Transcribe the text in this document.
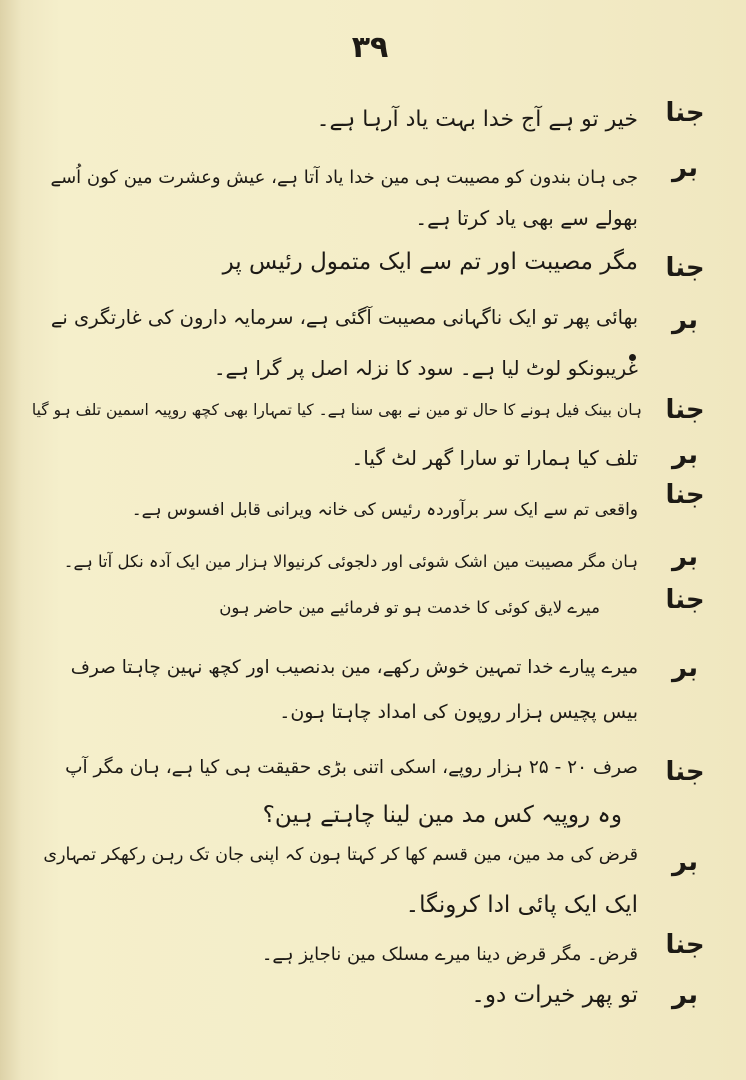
۳۹
جنا
خیر تو ہے آج خدا بہت یاد آرہا ہے۔
بر
جی ہان بندون کو مصیبت ہی مین خدا یاد آتا ہے، عیش وعشرت مین کون اُسے
بھولے سے بھی یاد کرتا ہے۔
جنا
مگر مصیبت اور تم سے ایک متمول رئیس پر
بر
بھائی پھر تو ایک ناگہانی مصیبت آگئی ہے، سرمایہ دارون کی غارتگری نے
غریبونکو لوٹ لیا ہے۔ سود کا نزلہ اصل پر گرا ہے۔
جنا
ہان بینک فیل ہونے کا حال تو مین نے بھی سنا ہے۔ کیا تمہارا بھی کچھ روپیہ اسمین تلف ہو گیا
بر
تلف کیا ہمارا تو سارا گھر لٹ گیا۔
جنا
واقعی تم سے ایک سر برآوردہ رئیس کی خانہ ویرانی قابل افسوس ہے۔
بر
ہان مگر مصیبت مین اشک شوئی اور دلجوئی کرنیوالا ہزار مین ایک آدہ نکل آتا ہے۔
جنا
میرے لایق کوئی کا خدمت ہو تو فرمائیے مین حاضر ہون
بر
میرے پیارے خدا تمہین خوش رکھے، مین بدنصیب اور کچھ نہین چاہتا صرف
بیس پچیس ہزار روپون کی امداد چاہتا ہون۔
جنا
صرف ۲۰ - ۲۵ ہزار روپے، اسکی اتنی بڑی حقیقت ہی کیا ہے، ہان مگر آپ
وہ روپیہ کس مد مین لینا چاہتے ہین؟
بر
قرض کی مد مین، مین قسم کھا کر کہتا ہون کہ اپنی جان تک رہن رکھکر تمہاری
ایک ایک پائی ادا کرونگا۔
جنا
قرض۔ مگر قرض دینا میرے مسلک مین ناجایز ہے۔
بر
تو پھر خیرات دو۔
